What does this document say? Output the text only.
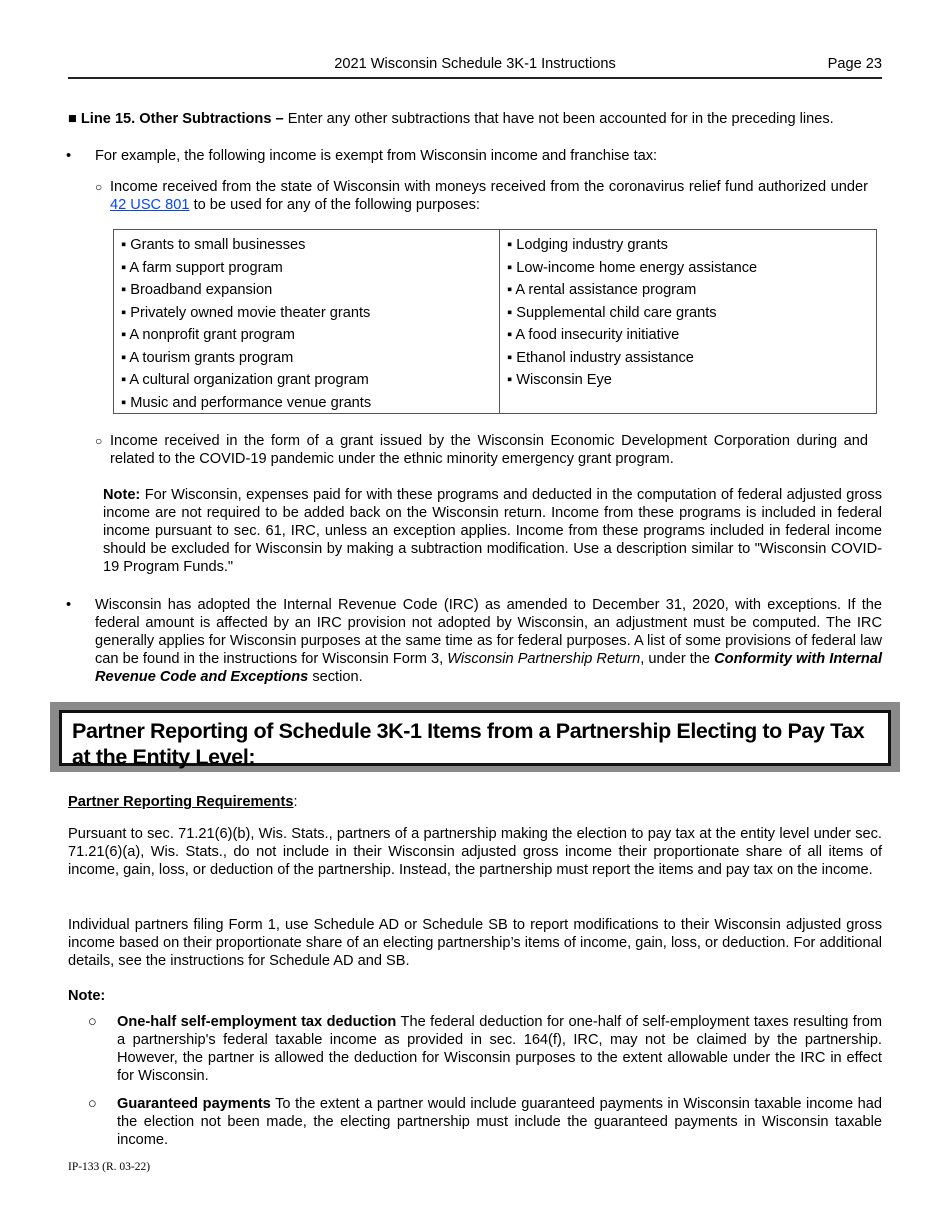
2021 Wisconsin Schedule 3K-1 Instructions	Page 23
■ Line 15. Other Subtractions – Enter any other subtractions that have not been accounted for in the preceding lines.
• For example, the following income is exempt from Wisconsin income and franchise tax:
○ Income received from the state of Wisconsin with moneys received from the coronavirus relief fund authorized under 42 USC 801 to be used for any of the following purposes:
▪ Grants to small businesses
▪ A farm support program
▪ Broadband expansion
▪ Privately owned movie theater grants
▪ A nonprofit grant program
▪ A tourism grants program
▪ A cultural organization grant program
▪ Music and performance venue grants
▪ Lodging industry grants
▪ Low-income home energy assistance
▪ A rental assistance program
▪ Supplemental child care grants
▪ A food insecurity initiative
▪ Ethanol industry assistance
▪ Wisconsin Eye
○ Income received in the form of a grant issued by the Wisconsin Economic Development Corporation during and related to the COVID-19 pandemic under the ethnic minority emergency grant program.
Note: For Wisconsin, expenses paid for with these programs and deducted in the computation of federal adjusted gross income are not required to be added back on the Wisconsin return. Income from these programs is included in federal income pursuant to sec. 61, IRC, unless an exception applies. Income from these programs included in federal income should be excluded for Wisconsin by making a subtraction modification. Use a description similar to "Wisconsin COVID-19 Program Funds."
• Wisconsin has adopted the Internal Revenue Code (IRC) as amended to December 31, 2020, with exceptions. If the federal amount is affected by an IRC provision not adopted by Wisconsin, an adjustment must be computed. The IRC generally applies for Wisconsin purposes at the same time as for federal purposes. A list of some provisions of federal law can be found in the instructions for Wisconsin Form 3, Wisconsin Partnership Return, under the Conformity with Internal Revenue Code and Exceptions section.
Partner Reporting of Schedule 3K-1 Items from a Partnership Electing to Pay Tax at the Entity Level:
Partner Reporting Requirements:
Pursuant to sec. 71.21(6)(b), Wis. Stats., partners of a partnership making the election to pay tax at the entity level under sec. 71.21(6)(a), Wis. Stats., do not include in their Wisconsin adjusted gross income their proportionate share of all items of income, gain, loss, or deduction of the partnership. Instead, the partnership must report the items and pay tax on the income.
Individual partners filing Form 1, use Schedule AD or Schedule SB to report modifications to their Wisconsin adjusted gross income based on their proportionate share of an electing partnership’s items of income, gain, loss, or deduction. For additional details, see the instructions for Schedule AD and SB.
Note:
○ One-half self-employment tax deduction The federal deduction for one-half of self-employment taxes resulting from a partnership's federal taxable income as provided in sec. 164(f), IRC, may not be claimed by the partnership. However, the partner is allowed the deduction for Wisconsin purposes to the extent allowable under the IRC in effect for Wisconsin.
○ Guaranteed payments To the extent a partner would include guaranteed payments in Wisconsin taxable income had the election not been made, the electing partnership must include the guaranteed payments in Wisconsin taxable income.
IP-133 (R. 03-22)
